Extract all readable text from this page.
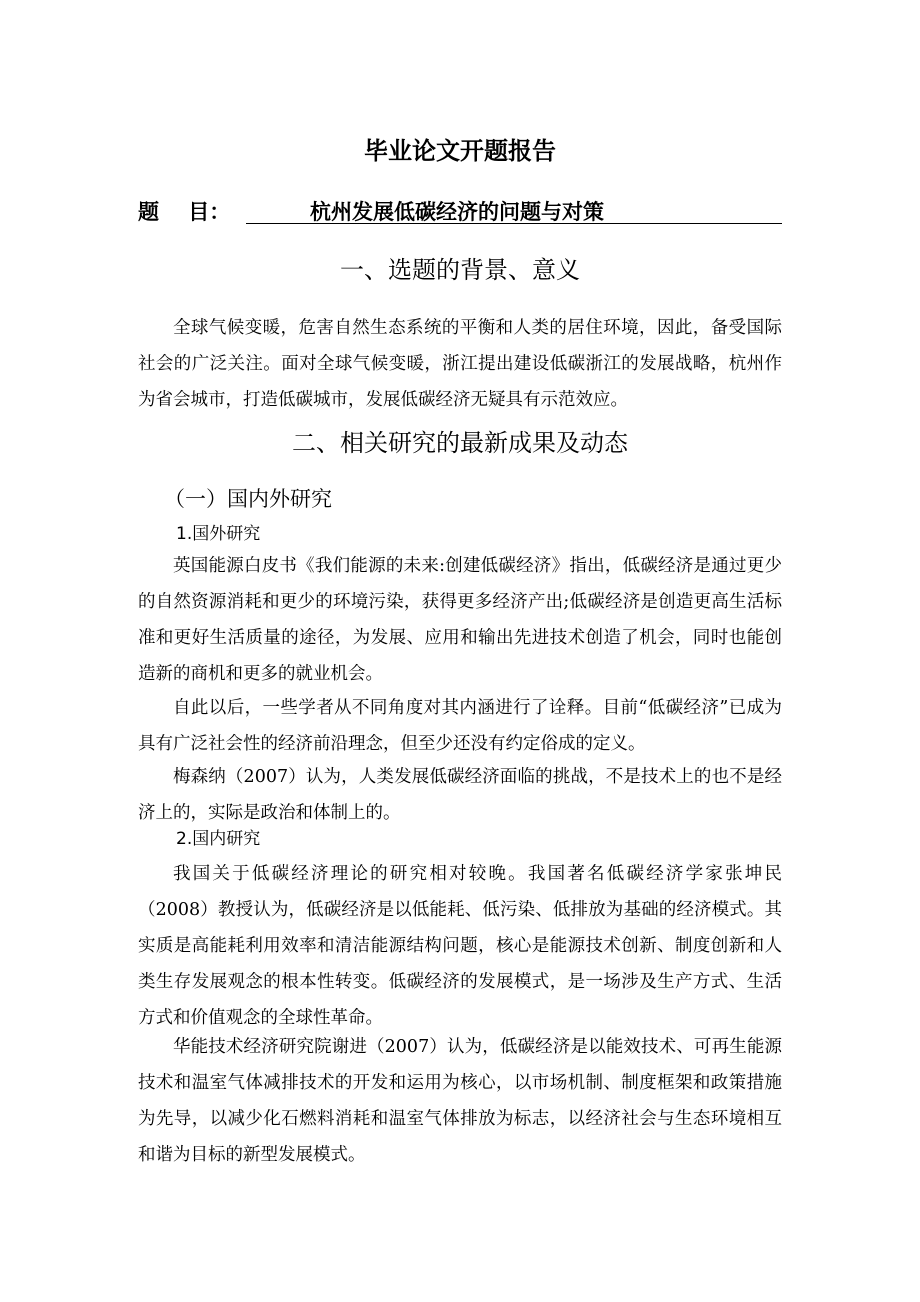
毕业论文开题报告
题    目：	杭州发展低碳经济的问题与对策
一、选题的背景、意义

全球气候变暖，危害自然生态系统的平衡和人类的居住环境，因此，备受国际社会的广泛关注。面对全球气候变暖，浙江提出建设低碳浙江的发展战略，杭州作为省会城市，打造低碳城市，发展低碳经济无疑具有示范效应。

二、相关研究的最新成果及动态
（一）国内外研究
1.国外研究

英国能源白皮书《我们能源的未来:创建低碳经济》指出，低碳经济是通过更少的自然资源消耗和更少的环境污染，获得更多经济产出;低碳经济是创造更高生活标准和更好生活质量的途径，为发展、应用和输出先进技术创造了机会，同时也能创造新的商机和更多的就业机会。

自此以后，一些学者从不同角度对其内涵进行了诠释。目前“低碳经济”已成为具有广泛社会性的经济前沿理念，但至少还没有约定俗成的定义。

梅森纳（2007）认为，人类发展低碳经济面临的挑战，不是技术上的也不是经济上的，实际是政治和体制上的。

2.国内研究

我国关于低碳经济理论的研究相对较晚。我国著名低碳经济学家张坤民（2008）教授认为，低碳经济是以低能耗、低污染、低排放为基础的经济模式。其实质是高能耗利用效率和清洁能源结构问题，核心是能源技术创新、制度创新和人类生存发展观念的根本性转变。低碳经济的发展模式，是一场涉及生产方式、生活方式和价值观念的全球性革命。

华能技术经济研究院谢进（2007）认为，低碳经济是以能效技术、可再生能源技术和温室气体减排技术的开发和运用为核心，以市场机制、制度框架和政策措施为先导，以减少化石燃料消耗和温室气体排放为标志，以经济社会与生态环境相互和谐为目标的新型发展模式。
